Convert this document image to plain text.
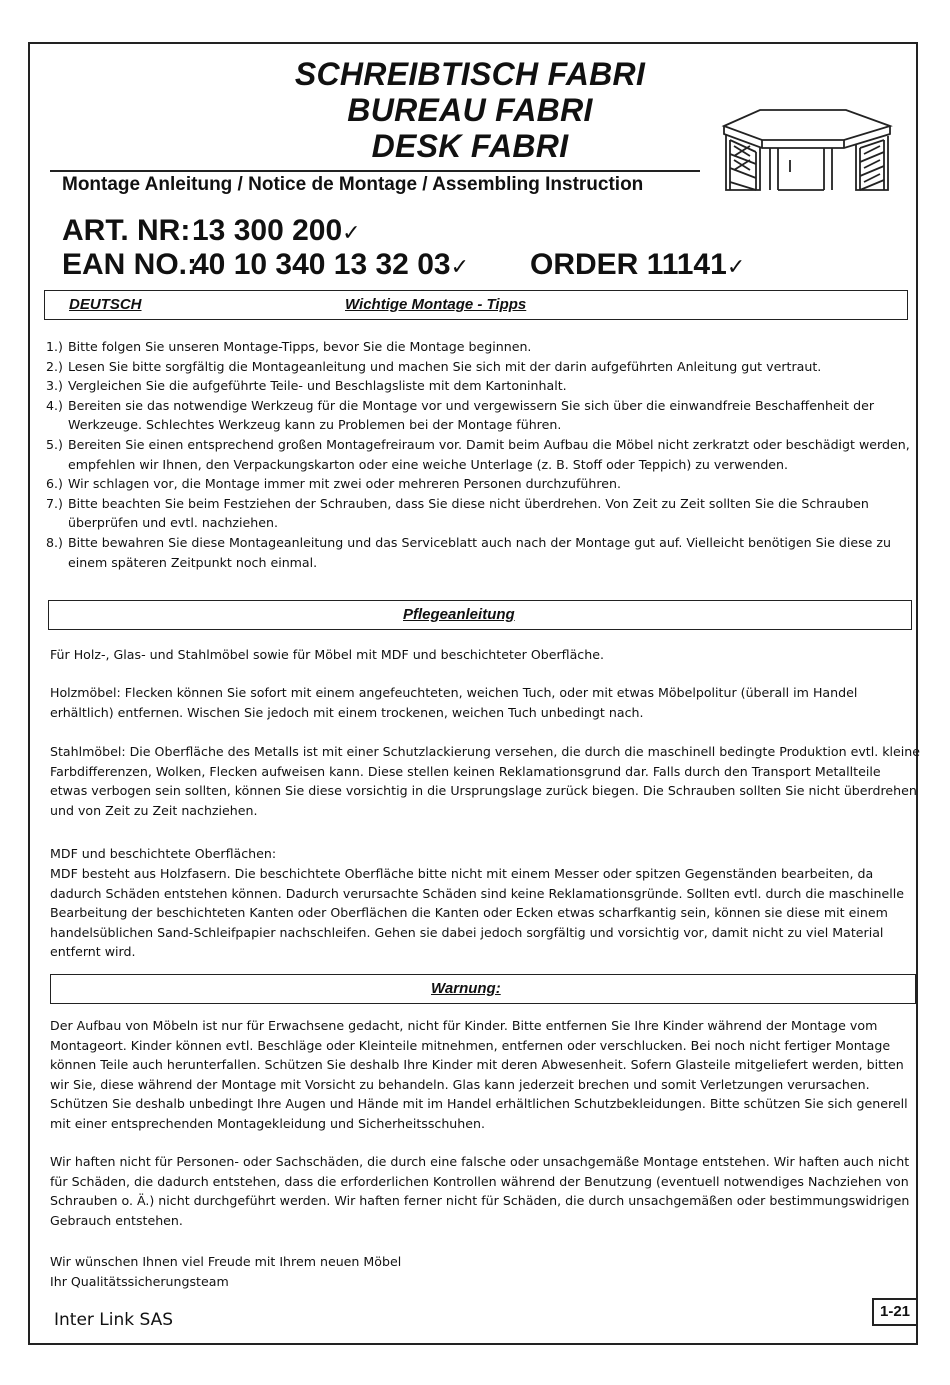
SCHREIBTISCH FABRI
BUREAU FABRI
DESK FABRI
Montage Anleitung / Notice de Montage / Assembling Instruction
ART. NR: 13 300 200✓
EAN NO.:
40 10 340 13 32 03✓ ORDER 11141✓
DEUTSCH	Wichtige Montage - Tipps
1.) Bitte folgen Sie unseren Montage-Tipps, bevor Sie die Montage beginnen.
2.) Lesen Sie bitte sorgfältig die Montageanleitung und machen Sie sich mit der darin aufgeführten Anleitung gut vertraut.
3.) Vergleichen Sie die aufgeführte Teile- und Beschlagsliste mit dem Kartoninhalt.
4.) Bereiten sie das notwendige Werkzeug für die Montage vor und vergewissern Sie sich über die einwandfreie Beschaffenheit der Werkzeuge. Schlechtes Werkzeug kann zu Problemen bei der Montage führen.
5.) Bereiten Sie einen entsprechend großen Montagefreiraum vor. Damit beim Aufbau die Möbel nicht zerkratzt oder beschädigt werden, empfehlen wir Ihnen, den Verpackungskarton oder eine weiche Unterlage (z. B. Stoff oder Teppich) zu verwenden.
6.) Wir schlagen vor, die Montage immer mit zwei oder mehreren Personen durchzuführen.
7.) Bitte beachten Sie beim Festziehen der Schrauben, dass Sie diese nicht überdrehen. Von Zeit zu Zeit sollten Sie die Schrauben überprüfen und evtl. nachziehen.
8.) Bitte bewahren Sie diese Montageanleitung und das Serviceblatt auch nach der Montage gut auf. Vielleicht benötigen Sie diese zu einem späteren Zeitpunkt noch einmal.
Pflegeanleitung
Für Holz-, Glas- und Stahlmöbel sowie für Möbel mit MDF und beschichteter Oberfläche.
Holzmöbel: Flecken können Sie sofort mit einem angefeuchteten, weichen Tuch, oder mit etwas Möbelpolitur (überall im Handel erhältlich) entfernen. Wischen Sie jedoch mit einem trockenen, weichen Tuch unbedingt nach.
Stahlmöbel: Die Oberfläche des Metalls ist mit einer Schutzlackierung versehen, die durch die maschinell bedingte Produktion evtl. kleine Farbdifferenzen, Wolken, Flecken aufweisen kann. Diese stellen keinen Reklamationsgrund dar. Falls durch den Transport Metallteile etwas verbogen sein sollten, können Sie diese vorsichtig in die Ursprungslage zurück biegen. Die Schrauben sollten Sie nicht überdrehen und von Zeit zu Zeit nachziehen.
MDF und beschichtete Oberflächen:
MDF besteht aus Holzfasern. Die beschichtete Oberfläche bitte nicht mit einem Messer oder spitzen Gegenständen bearbeiten, da dadurch Schäden entstehen können. Dadurch verursachte Schäden sind keine Reklamationsgründe. Sollten evtl. durch die maschinelle Bearbeitung der beschichteten Kanten oder Oberflächen die Kanten oder Ecken etwas scharfkantig sein, können sie diese mit einem handelsüblichen Sand-Schleifpapier nachschleifen. Gehen sie dabei jedoch sorgfältig und vorsichtig vor, damit nicht zu viel Material entfernt wird.
Warnung:
Der Aufbau von Möbeln ist nur für Erwachsene gedacht, nicht für Kinder. Bitte entfernen Sie Ihre Kinder während der Montage vom Montageort. Kinder können evtl. Beschläge oder Kleinteile mitnehmen, entfernen oder verschlucken. Bei noch nicht fertiger Montage können Teile auch herunterfallen. Schützen Sie deshalb Ihre Kinder mit deren Abwesenheit. Sofern Glasteile mitgeliefert werden, bitten wir Sie, diese während der Montage mit Vorsicht zu behandeln. Glas kann jederzeit brechen und somit Verletzungen verursachen. Schützen Sie deshalb unbedingt Ihre Augen und Hände mit im Handel erhältlichen Schutzbekleidungen. Bitte schützen Sie sich generell mit einer entsprechenden Montagekleidung und Sicherheitsschuhen.
Wir haften nicht für Personen- oder Sachschäden, die durch eine falsche oder unsachgemäße Montage entstehen. Wir haften auch nicht für Schäden, die dadurch entstehen, dass die erforderlichen Kontrollen während der Benutzung (eventuell notwendiges Nachziehen von Schrauben o. Ä.) nicht durchgeführt werden. Wir haften ferner nicht für Schäden, die durch unsachgemäßen oder bestimmungswidrigen Gebrauch entstehen.
Wir wünschen Ihnen viel Freude mit Ihrem neuen Möbel
Ihr Qualitätssicherungsteam
Inter Link SAS	1-21
